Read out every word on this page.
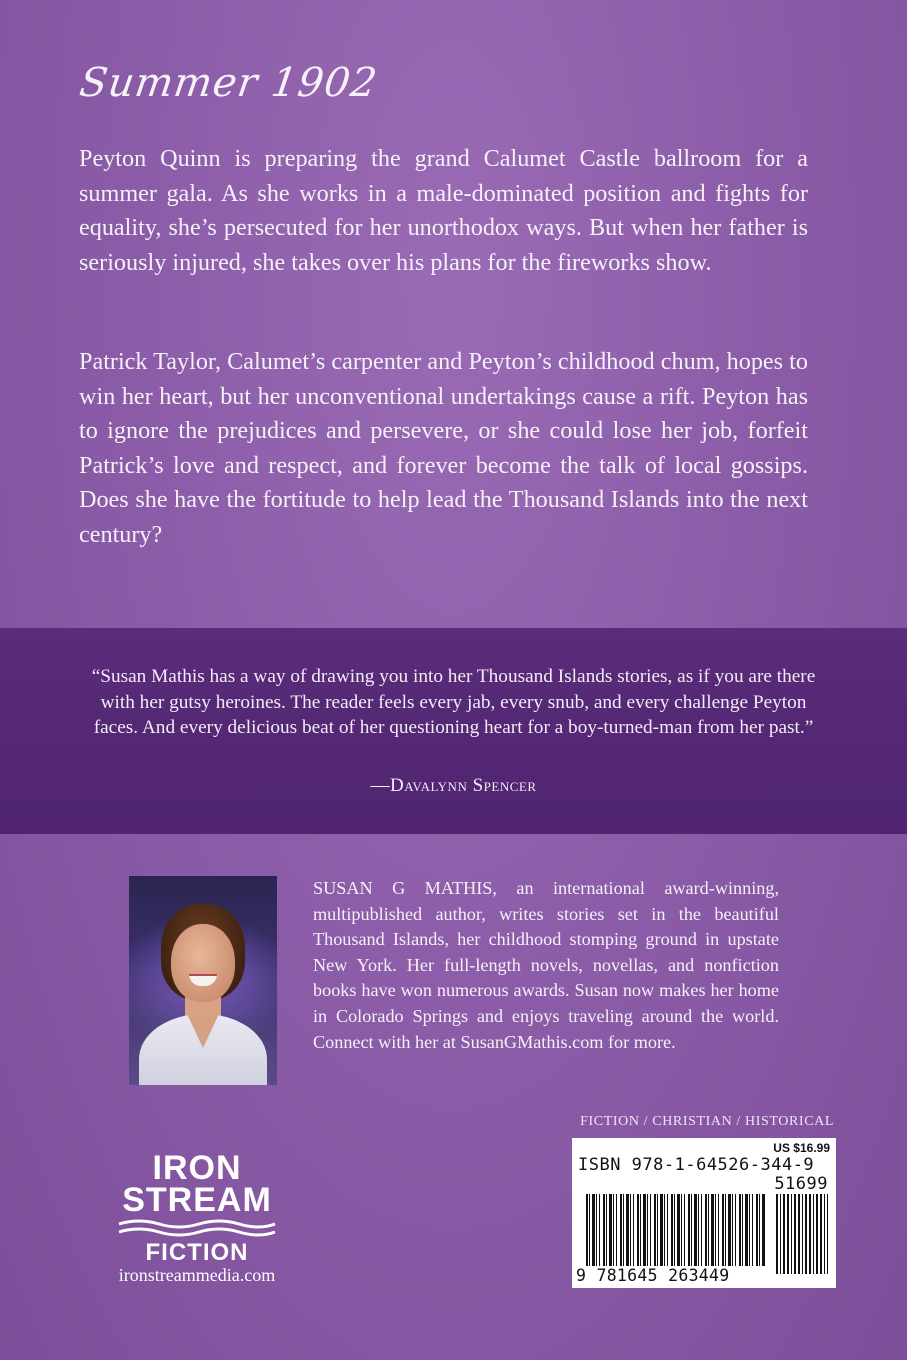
Summer 1902

Peyton Quinn is preparing the grand Calumet Castle ballroom for a summer gala. As she works in a male-dominated position and fights for equality, she’s persecuted for her unorthodox ways. But when her father is seriously injured, she takes over his plans for the fireworks show.

Patrick Taylor, Calumet’s carpenter and Peyton’s childhood chum, hopes to win her heart, but her unconventional undertakings cause a rift. Peyton has to ignore the prejudices and persevere, or she could lose her job, forfeit Patrick’s love and respect, and forever become the talk of local gossips. Does she have the fortitude to help lead the Thousand Islands into the next century?

“Susan Mathis has a way of drawing you into her Thousand Islands stories, as if you are there with her gutsy heroines. The reader feels every jab, every snub, and every challenge Peyton faces. And every delicious beat of her questioning heart for a boy-turned-man from her past.”

—Davalynn Spencer

SUSAN G MATHIS, an international award-winning, multipublished author, writes stories set in the beautiful Thousand Islands, her childhood stomping ground in upstate New York. Her full-length novels, novellas, and nonfiction books have won numerous awards. Susan now makes her home in Colorado Springs and enjoys traveling around the world. Connect with her at SusanGMathis.com for more.

FICTION / CHRISTIAN / HISTORICAL
US $16.99
ISBN 978-1-64526-344-9
51699
9 781645 263449
IRON
STREAM
FICTION
ironstreammedia.com
